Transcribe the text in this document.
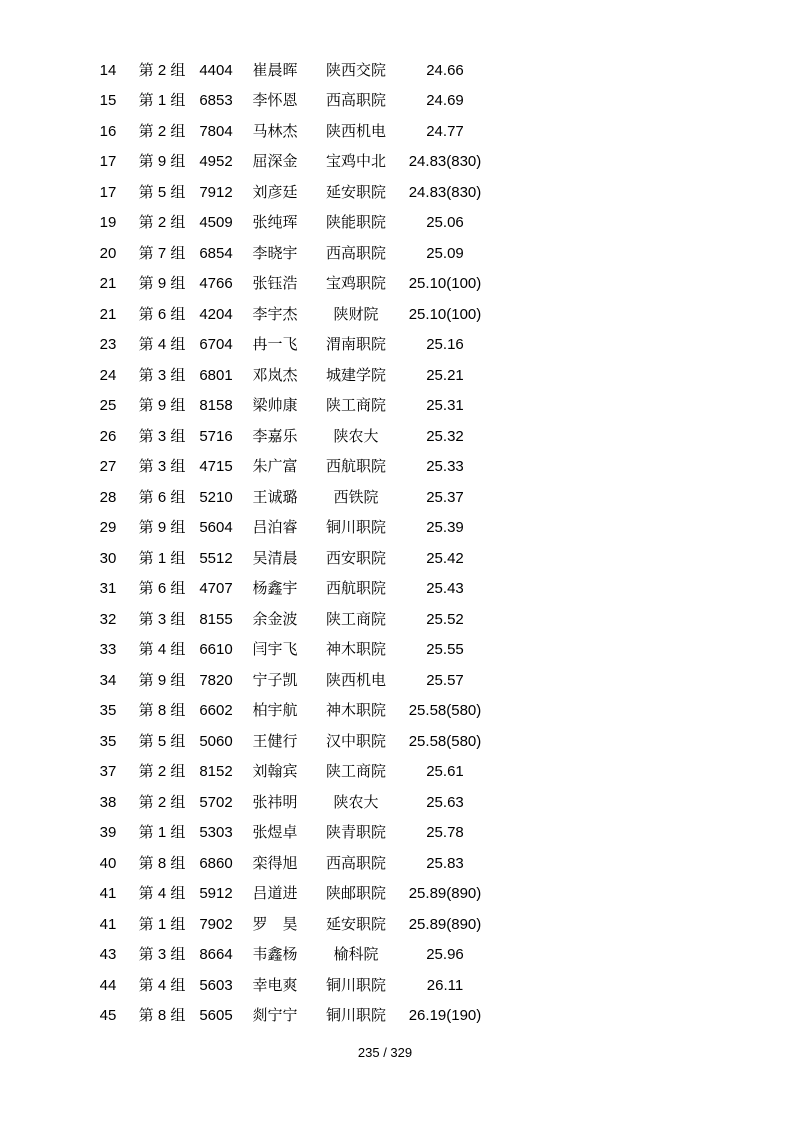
14	第 2 组 4404	崔晨晖	陕西交院	24.66
15	第 1 组 6853	李怀恩	西高职院	24.69
16	第 2 组 7804	马林杰	陕西机电	24.77
17	第 9 组 4952	屈深金	宝鸡中北	24.83(830)
17	第 5 组 7912	刘彦廷	延安职院	24.83(830)
19	第 2 组 4509	张纯珲	陕能职院	25.06
20	第 7 组 6854	李晓宇	西高职院	25.09
21	第 9 组 4766	张钰浩	宝鸡职院	25.10(100)
21	第 6 组 4204	李宇杰	陕财院	25.10(100)
23	第 4 组 6704	冉一飞	渭南职院	25.16
24	第 3 组 6801	邓岚杰	城建学院	25.21
25	第 9 组 8158	梁帅康	陕工商院	25.31
26	第 3 组 5716	李嘉乐	陕农大	25.32
27	第 3 组 4715	朱广富	西航职院	25.33
28	第 6 组 5210	王诚璐	西铁院	25.37
29	第 9 组 5604	吕泊睿	铜川职院	25.39
30	第 1 组 5512	吴清晨	西安职院	25.42
31	第 6 组 4707	杨鑫宇	西航职院	25.43
32	第 3 组 8155	余金波	陕工商院	25.52
33	第 4 组 6610	闫宇飞	神木职院	25.55
34	第 9 组 7820	宁子凯	陕西机电	25.57
35	第 8 组 6602	柏宇航	神木职院	25.58(580)
35	第 5 组 5060	王健行	汉中职院	25.58(580)
37	第 2 组 8152	刘翰宾	陕工商院	25.61
38	第 2 组 5702	张祎明	陕农大	25.63
39	第 1 组 5303	张煜卓	陕青职院	25.78
40	第 8 组 6860	栾得旭	西高职院	25.83
41	第 4 组 5912	吕道进	陕邮职院	25.89(890)
41	第 1 组 7902	罗　昊	延安职院	25.89(890)
43	第 3 组 8664	韦鑫杨	榆科院	25.96
44	第 4 组 5603	幸电爽	铜川职院	26.11
45	第 8 组 5605	剡宁宁	铜川职院	26.19(190)
235 / 329
